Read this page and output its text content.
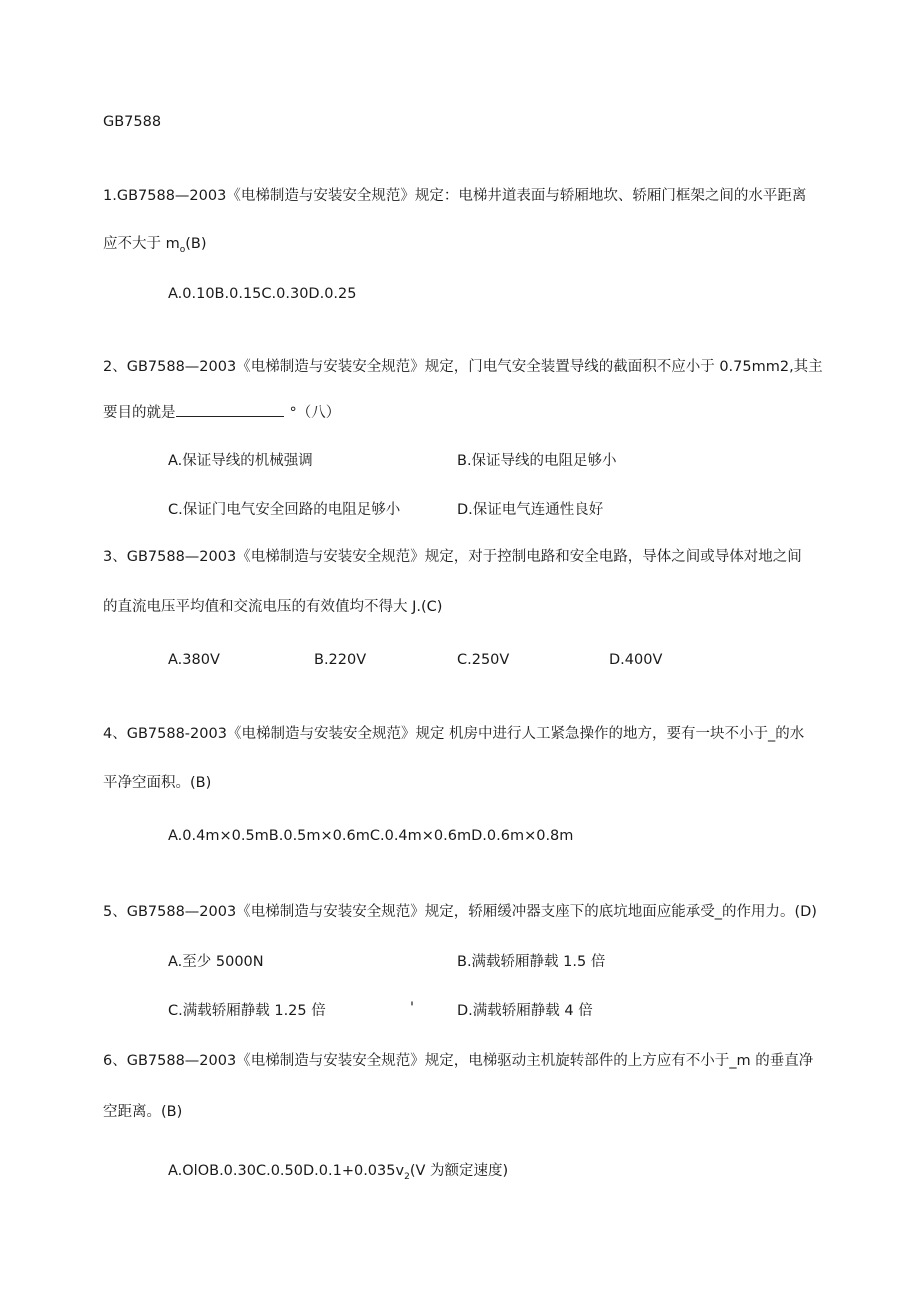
GB7588
1.GB7588—2003《电梯制造与安装安全规范》规定：电梯井道表面与轿厢地坎、轿厢门框架之间的水平距离
应不大于 $m_o(B)$
A.0.10B.0.15C.0.30D.0.25
2、GB7588—2003《电梯制造与安装安全规范》规定，门电气安全装置导线的截面积不应小于 0.75mm2,其主
要目的就是	°（八）
A.保证导线的机械强调	B.保证导线的电阻足够小
C.保证门电气安全回路的电阻足够小	D.保证电气连通性良好
3、GB7588—2003《电梯制造与安装安全规范》规定，对于控制电路和安全电路，导体之间或导体对地之间
的直流电压平均值和交流电压的有效值均不得大 J.(C)
A.380V	B.220V	C.250V	D.400V
4、GB7588-2003《电梯制造与安装安全规范》规定 机房中进行人工紧急操作的地方，要有一块不小于_的水
平净空面积。(B)
A.0.4m×0.5mB.0.5m×0.6mC.0.4m×0.6mD.0.6m×0.8m
5、GB7588—2003《电梯制造与安装安全规范》规定，轿厢缓冲器支座下的底坑地面应能承受_的作用力。(D)
A.至少 5000N	B.满载轿厢静载 1.5 倍
C.满载轿厢静载 1.25 倍	'	D.满载轿厢静载 4 倍
6、GB7588—2003《电梯制造与安装安全规范》规定，电梯驱动主机旋转部件的上方应有不小于_m 的垂直净
空距离。(B)
$A.OlOB.0.30C.0.50D.0.1+0.035v_2(V$ 为额定速度)
